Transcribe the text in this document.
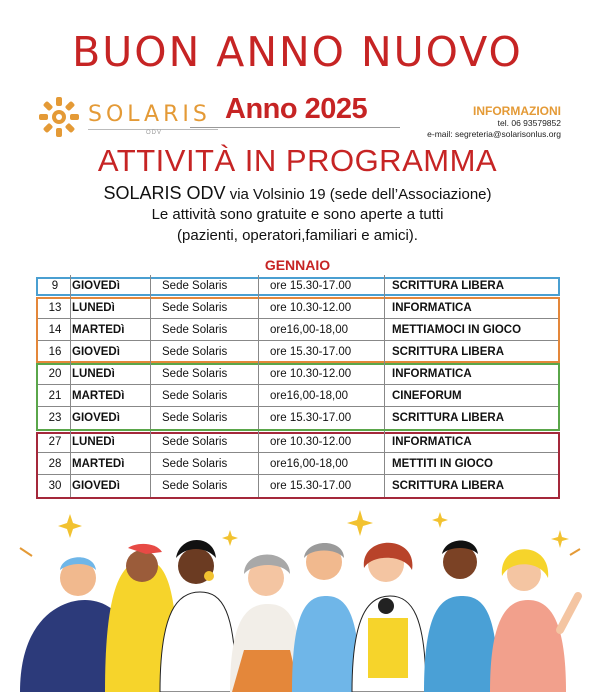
BUON ANNO NUOVO
SOLARIS
ODV
Anno 2025	INFORMAZIONI
tel. 06 93579852
e-mail: segreteria@solarisonlus.org
ATTIVITÀ IN PROGRAMMA
SOLARIS ODV via Volsinio 19 (sede dell’Associazione)
Le attività sono gratuite e sono aperte a tutti
(pazienti, operatori,familiari e amici).
GENNAIO
9	GIOVEDì	Sede Solaris	ore 15.30-17.00	SCRITTURA LIBERA
13 LUNEDì	Sede Solaris	ore 10.30-12.00	INFORMATICA
14 MARTEDì	Sede Solaris	ore16,00-18,00	METTIAMOCI IN GIOCO
16 GIOVEDì	Sede Solaris	ore 15.30-17.00	SCRITTURA LIBERA
20 LUNEDì	Sede Solaris	ore 10.30-12.00	INFORMATICA
21 MARTEDì	Sede Solaris	ore16,00-18,00	CINEFORUM
23 GIOVEDì	Sede Solaris	ore 15.30-17.00	SCRITTURA LIBERA
27 LUNEDì	Sede Solaris	ore 10.30-12.00	INFORMATICA
28 MARTEDì	Sede Solaris	ore16,00-18,00	METTITI IN GIOCO
30 GIOVEDì	Sede Solaris	ore 15.30-17.00	SCRITTURA LIBERA
